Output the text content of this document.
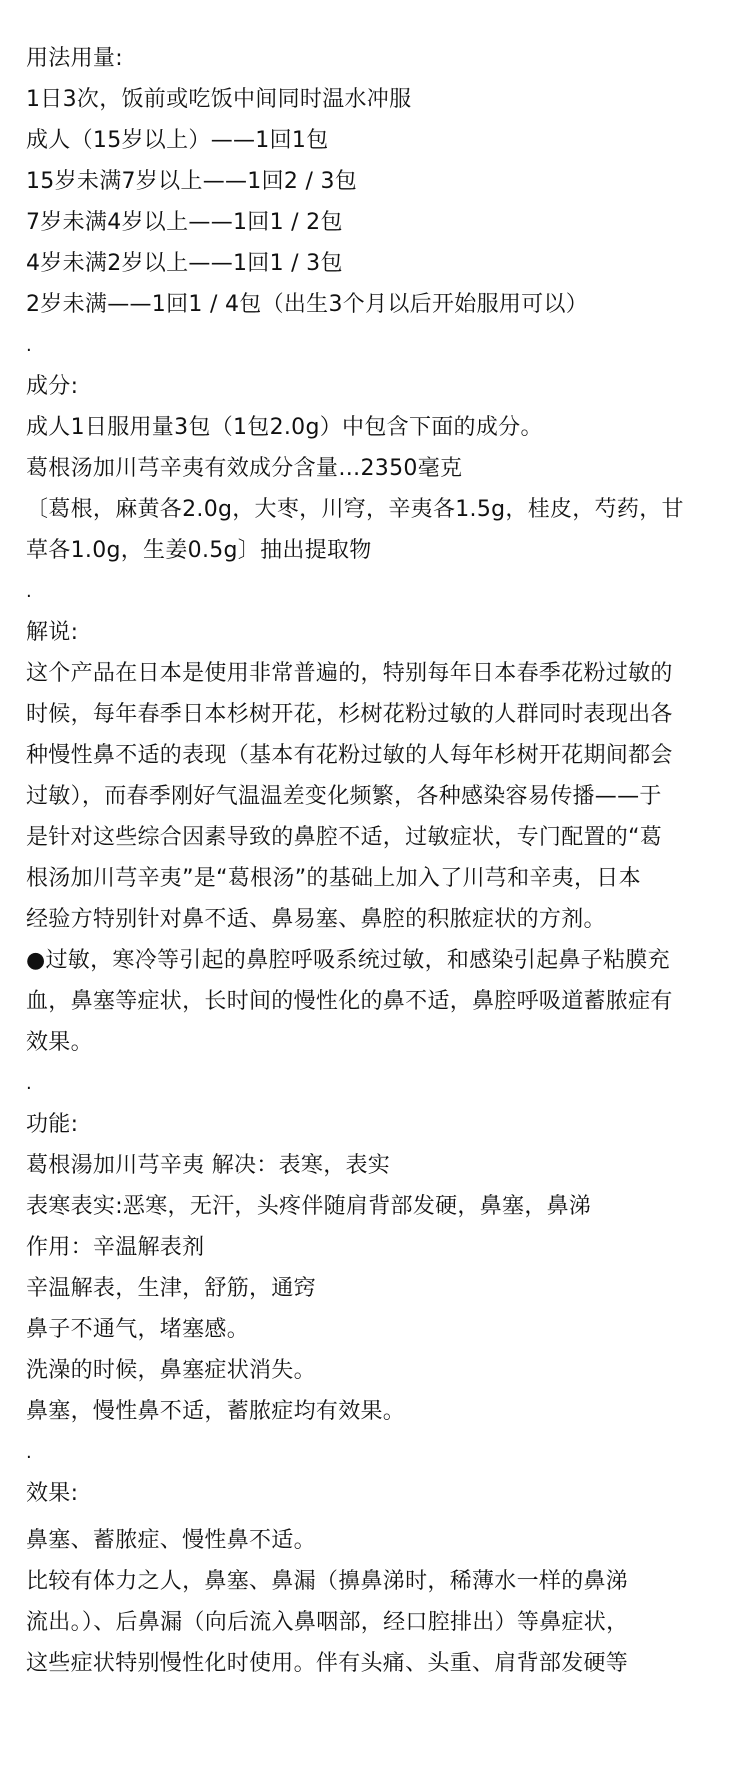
用法用量:
1日3次，饭前或吃饭中间同时温水冲服
成人（15岁以上）——1回1包
15岁未满7岁以上——1回2 / 3包
7岁未满4岁以上——1回1 / 2包
4岁未满2岁以上——1回1 / 3包
2岁未满——1回1 / 4包（出生3个月以后开始服用可以）
.
成分:
成人1日服用量3包（1包2.0g）中包含下面的成分。
葛根汤加川芎辛夷有效成分含量…2350毫克
〔葛根，麻黄各2.0g，大枣，川穹，辛夷各1.5g，桂皮，芍药，甘
草各1.0g，生姜0.5g〕抽出提取物
.
解说:
这个产品在日本是使用非常普遍的，特别每年日本春季花粉过敏的
时候，每年春季日本杉树开花，杉树花粉过敏的人群同时表现出各
种慢性鼻不适的表现（基本有花粉过敏的人每年杉树开花期间都会
过敏），而春季刚好气温温差变化频繁，各种感染容易传播——于
是针对这些综合因素导致的鼻腔不适，过敏症状，专门配置的“葛
根汤加川芎辛夷”是“葛根汤”的基础上加入了川芎和辛夷，日本
经验方特别针对鼻不适、鼻易塞、鼻腔的积脓症状的方剂。
●过敏，寒冷等引起的鼻腔呼吸系统过敏，和感染引起鼻子粘膜充
血，鼻塞等症状，长时间的慢性化的鼻不适，鼻腔呼吸道蓄脓症有
效果。
.
功能:
葛根湯加川芎辛夷 解决：表寒，表实
表寒表实:恶寒，无汗，头疼伴随肩背部发硬，鼻塞，鼻涕
作用：辛温解表剂
辛温解表，生津，舒筋，通窍
鼻子不通气，堵塞感。
洗澡的时候，鼻塞症状消失。
鼻塞，慢性鼻不适，蓄脓症均有效果。
.
效果:
鼻塞、蓄脓症、慢性鼻不适。
比较有体力之人，鼻塞、鼻漏（擤鼻涕时，稀薄水一样的鼻涕
流出。）、后鼻漏（向后流入鼻咽部，经口腔排出）等鼻症状，
这些症状特别慢性化时使用。伴有头痛、头重、肩背部发硬等
